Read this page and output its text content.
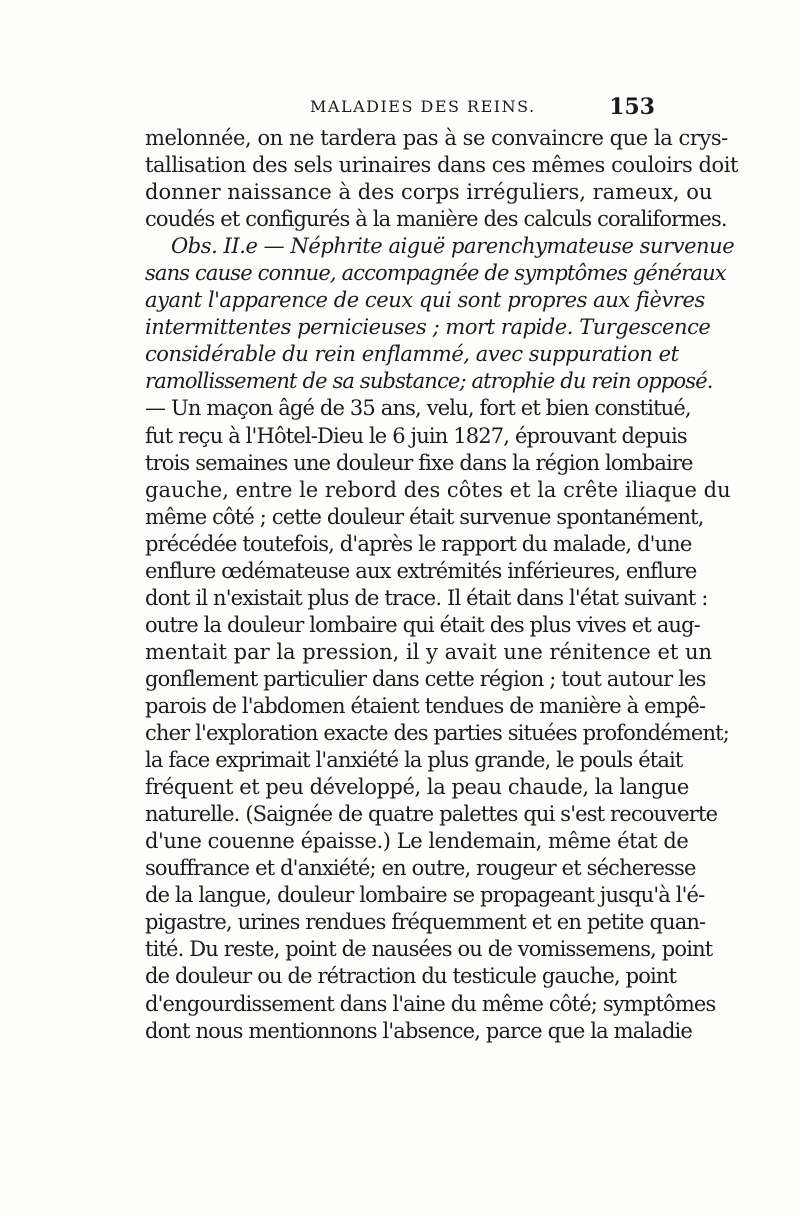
MALADIES DES REINS.	153
melonnée, on ne tardera pas à se convaincre que la crys-
tallisation des sels urinaires dans ces mêmes couloirs doit
donner naissance à des corps irréguliers, rameux, ou
coudés et configurés à la manière des calculs coraliformes.
Obs. II.e — Néphrite aiguë parenchymateuse survenue
sans cause connue, accompagnée de symptômes généraux
ayant l'apparence de ceux qui sont propres aux fièvres
intermittentes pernicieuses ; mort rapide. Turgescence
considérable du rein enflammé, avec suppuration et
ramollissement de sa substance; atrophie du rein opposé.
— Un maçon âgé de 35 ans, velu, fort et bien constitué,
fut reçu à l'Hôtel-Dieu le 6 juin 1827, éprouvant depuis
trois semaines une douleur fixe dans la région lombaire
gauche, entre le rebord des côtes et la crête iliaque du
même côté ; cette douleur était survenue spontanément,
précédée toutefois, d'après le rapport du malade, d'une
enflure œdémateuse aux extrémités inférieures, enflure
dont il n'existait plus de trace. Il était dans l'état suivant :
outre la douleur lombaire qui était des plus vives et aug-
mentait par la pression, il y avait une rénitence et un
gonflement particulier dans cette région ; tout autour les
parois de l'abdomen étaient tendues de manière à empê-
cher l'exploration exacte des parties situées profondément;
la face exprimait l'anxiété la plus grande, le pouls était
fréquent et peu développé, la peau chaude, la langue
naturelle. (Saignée de quatre palettes qui s'est recouverte
d'une couenne épaisse.) Le lendemain, même état de
souffrance et d'anxiété; en outre, rougeur et sécheresse
de la langue, douleur lombaire se propageant jusqu'à l'é-
pigastre, urines rendues fréquemment et en petite quan-
tité. Du reste, point de nausées ou de vomissemens, point
de douleur ou de rétraction du testicule gauche, point
d'engourdissement dans l'aine du même côté; symptômes
dont nous mentionnons l'absence, parce que la maladie
